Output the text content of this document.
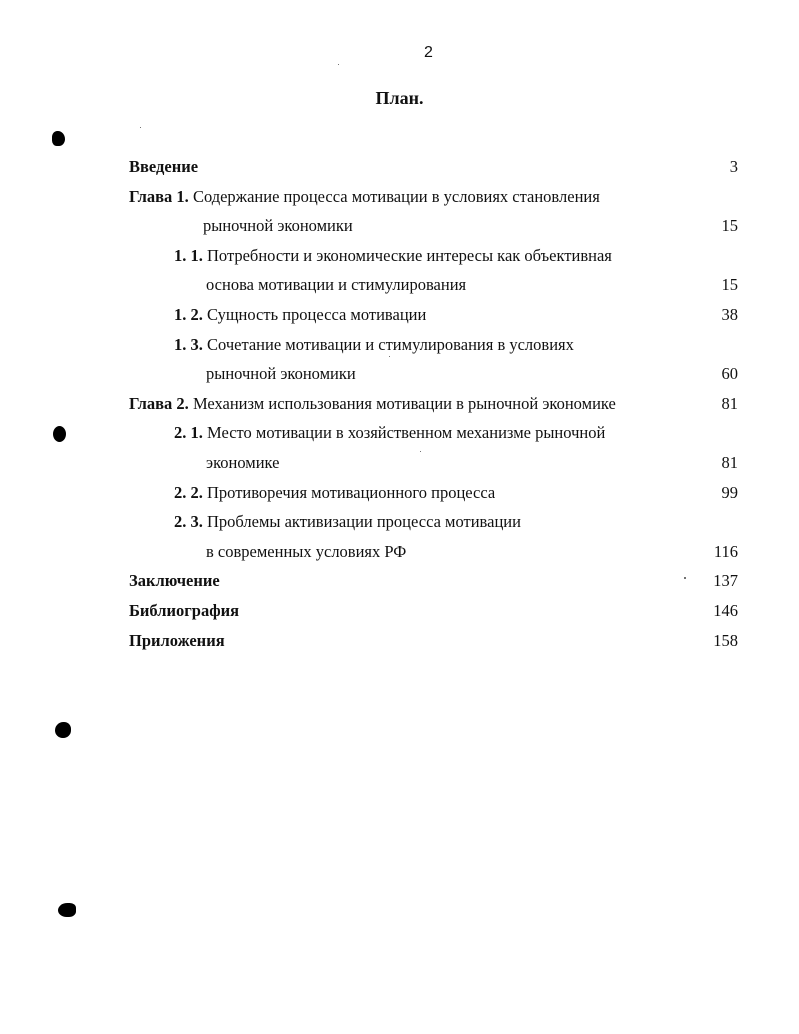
2
План.
Введение	3
Глава 1. Содержание процесса мотивации в условиях становления
рыночной экономики	15
1. 1. Потребности и экономические интересы как объективная
основа мотивации и стимулирования	15
1. 2. Сущность процесса мотивации	38
1. 3. Сочетание мотивации и стимулирования в условиях
рыночной экономики	60
Глава 2. Механизм использования мотивации в рыночной экономике	81
2. 1. Место мотивации в хозяйственном механизме рыночной
экономике	81
2. 2. Противоречия мотивационного процесса	99
2. 3. Проблемы активизации процесса мотивации
в современных условиях РФ	116
Заключение	137
Библиография	146
Приложения	158
